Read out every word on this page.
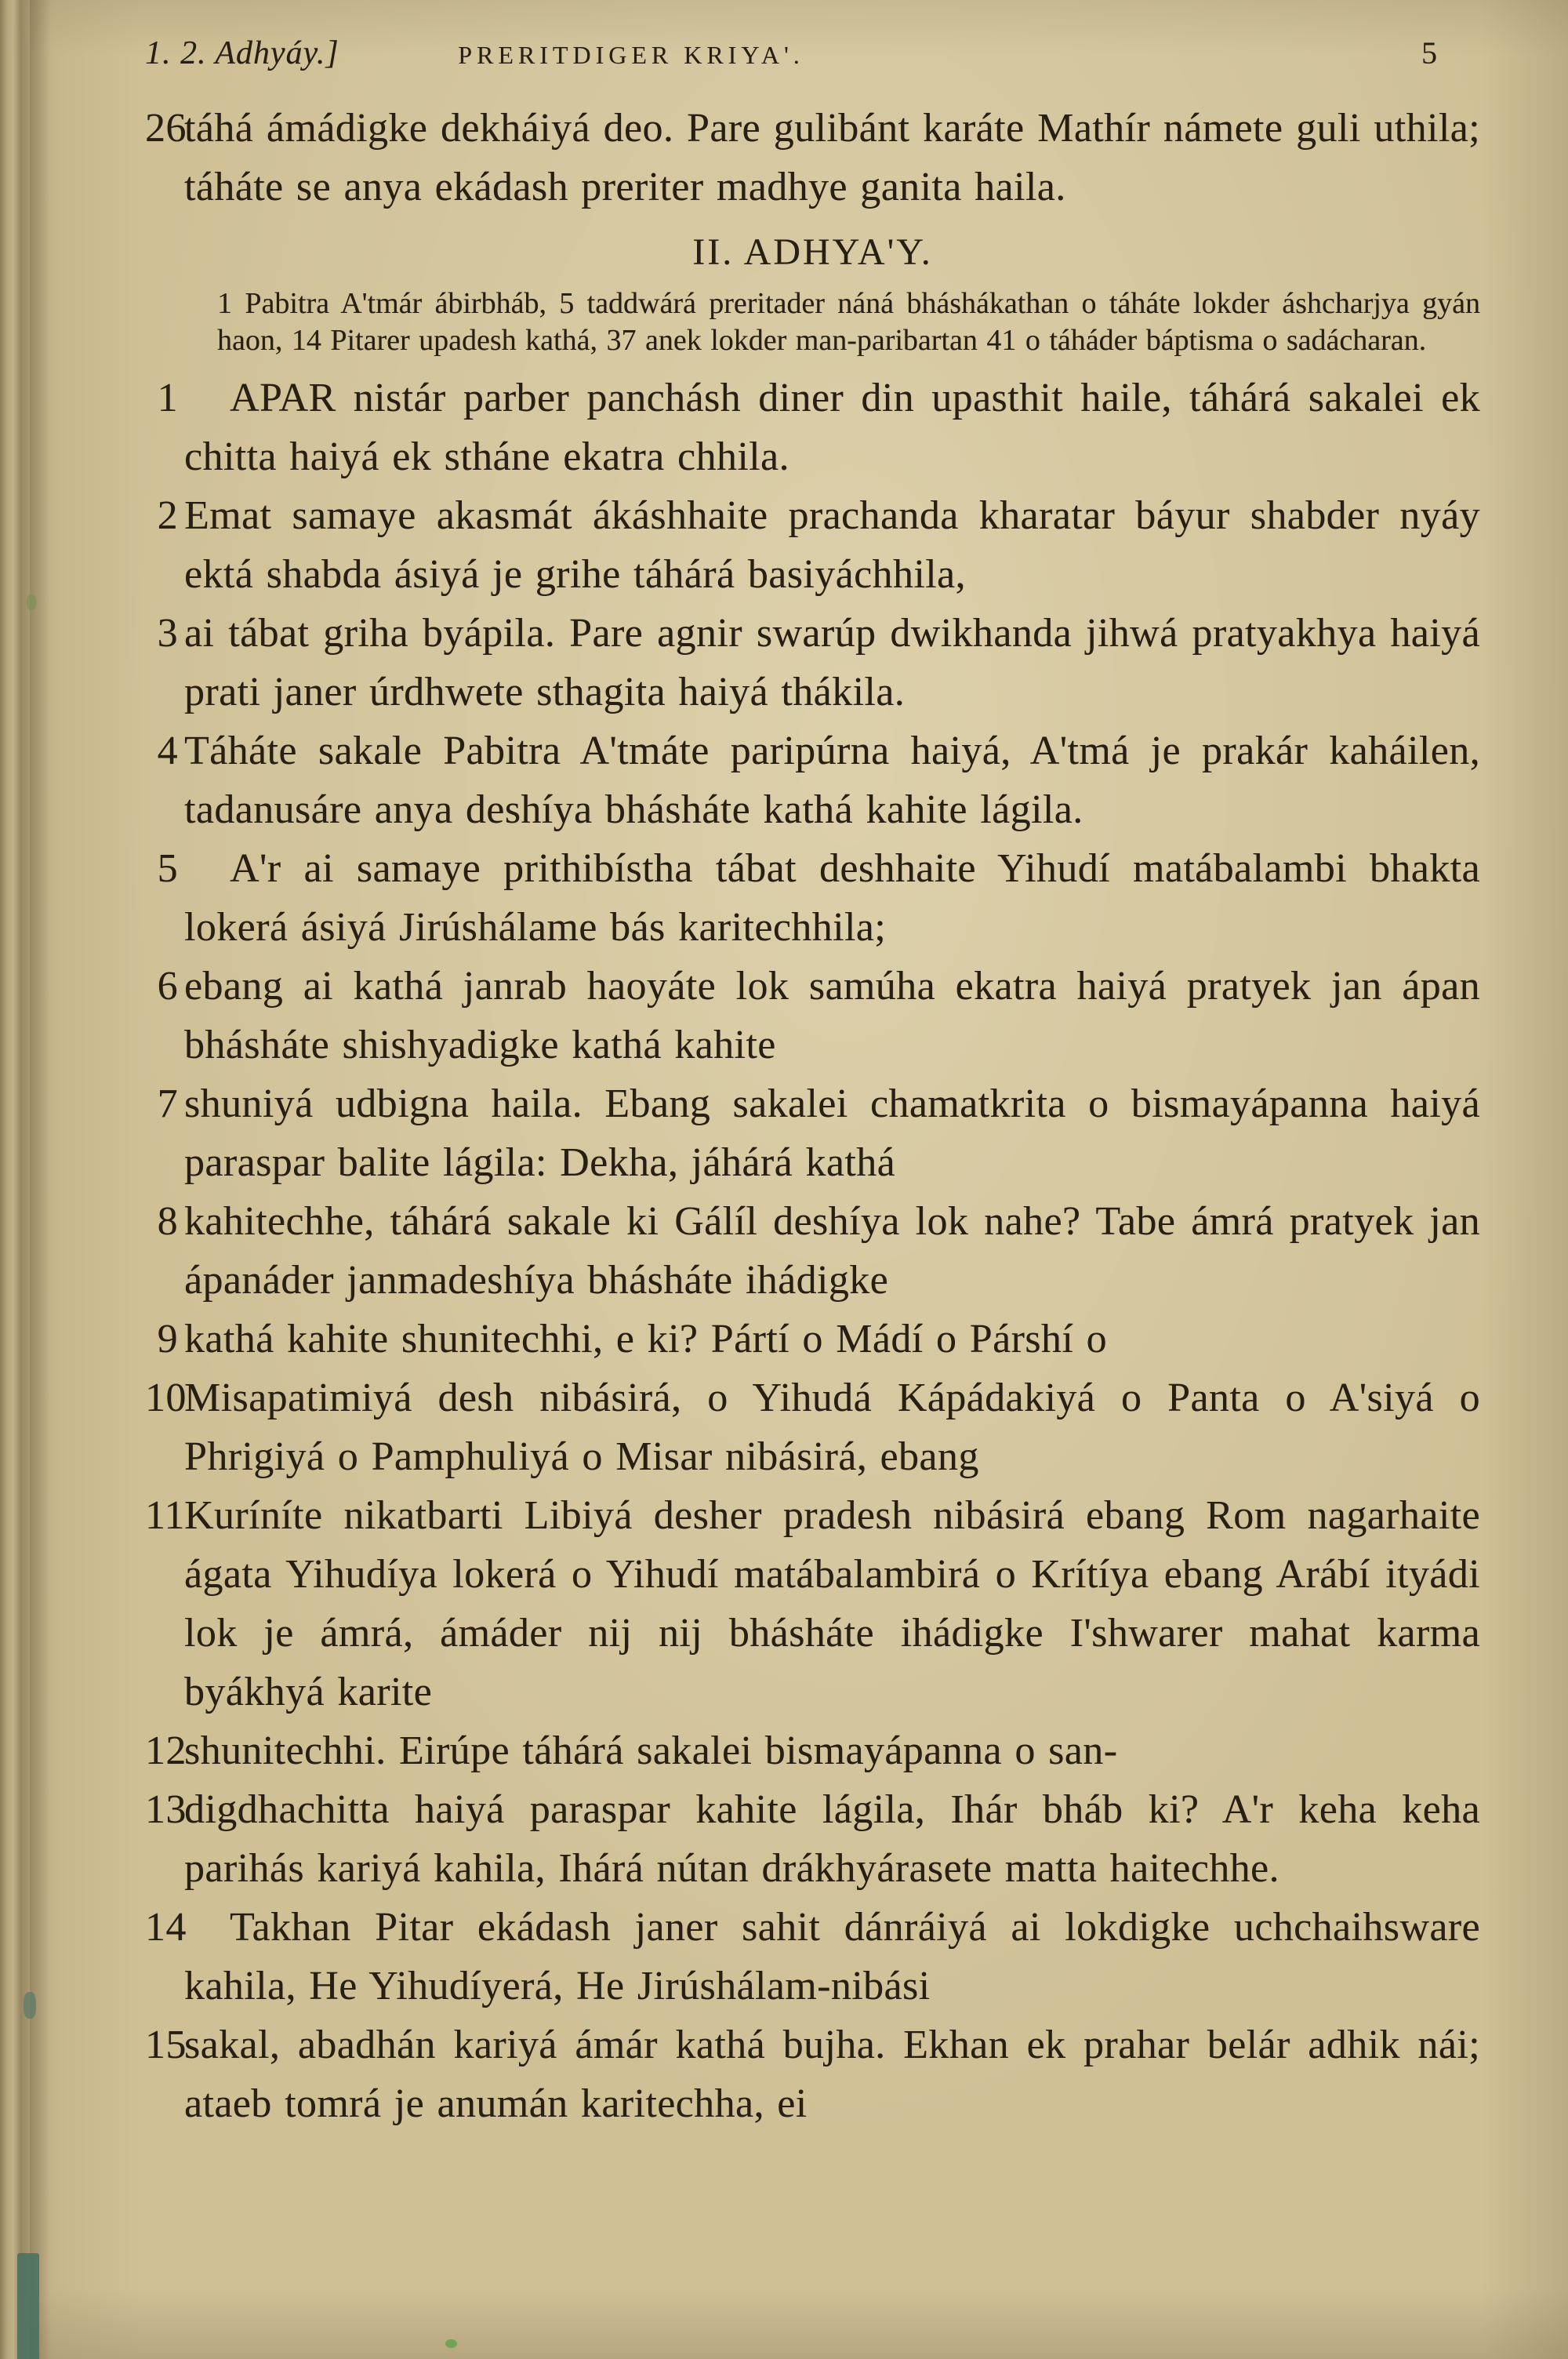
1. 2. Adhyáy.]	PRERITDIGER KRIYA'.	5
26
táhá ámádigke dekháiyá deo. Pare gulibánt karáte Mathír námete guli uthila; táháte se anya ekádash preriter madhye ganita haila.
II. ADHYA'Y.
1 Pabitra A'tmár ábirbháb, 5 taddwárá preritader náná bháshákathan o táháte lokder áshcharjya gyán haon, 14 Pitarer upadesh kathá, 37 anek lokder man-paribartan 41 o táháder báptisma o sadácharan.
1	APAR nistár parber panchásh diner din upasthit haile, táhárá sakalei ek chitta haiyá ek stháne ekatra chhila.
2 Emat samaye akasmát ákáshhaite prachanda kharatar báyur shabder nyáy ektá shabda ásiyá je grihe táhárá basiyáchhila,
3 ai tábat griha byápila. Pare agnir swarúp dwikhanda jihwá pratyakhya haiyá prati janer úrdhwete sthagita haiyá thákila.
4 Táháte sakale Pabitra A'tmáte paripúrna haiyá, A'tmá je prakár kaháilen, tadanusáre anya deshíya bhásháte kathá kahite lágila.
5	A'r ai samaye prithibístha tábat deshhaite Yihudí matábalambi bhakta lokerá ásiyá Jirúshálame bás karitechhila;
6 ebang ai kathá janrab haoyáte lok samúha ekatra haiyá pratyek jan ápan bhásháte shishyadigke kathá kahite
7 shuniyá udbigna haila. Ebang sakalei chamatkrita o bismayápanna haiyá paraspar balite lágila: Dekha, jáhárá kathá
8 kahitechhe, táhárá sakale ki Gálíl deshíya lok nahe? Tabe ámrá pratyek jan ápanáder janmadeshíya bhásháte ihádigke
9 kathá kahite shunitechhi, e ki? Pártí o Mádí o Párshí o
10
Misapatimiyá desh nibásirá, o Yihudá Kápádakiyá o Panta o A'siyá o Phrigiyá o Pamphuliyá o Misar nibásirá, ebang
11 Kuríníte nikatbarti Libiyá desher pradesh nibásirá ebang Rom nagarhaite ágata Yihudíya lokerá o Yihudí matábalambirá o Krítíya ebang Arábí ityádi lok je ámrá, ámáder nij nij bhásháte ihádigke I'shwarer mahat karma byákhyá karite
12
shunitechhi. Eirúpe táhárá sakalei bismayápanna o san-
13
digdhachitta haiyá paraspar kahite lágila, Ihár bháb ki? A'r keha keha parihás kariyá kahila, Ihárá nútan drákhyárasete matta haitechhe.
14	Takhan Pitar ekádash janer sahit dánráiyá ai lokdigke uchchaihsware kahila, He Yihudíyerá, He Jirúshálam-nibási
15
sakal, abadhán kariyá ámár kathá bujha. Ekhan ek prahar belár adhik nái; ataeb tomrá je anumán karitechha, ei
